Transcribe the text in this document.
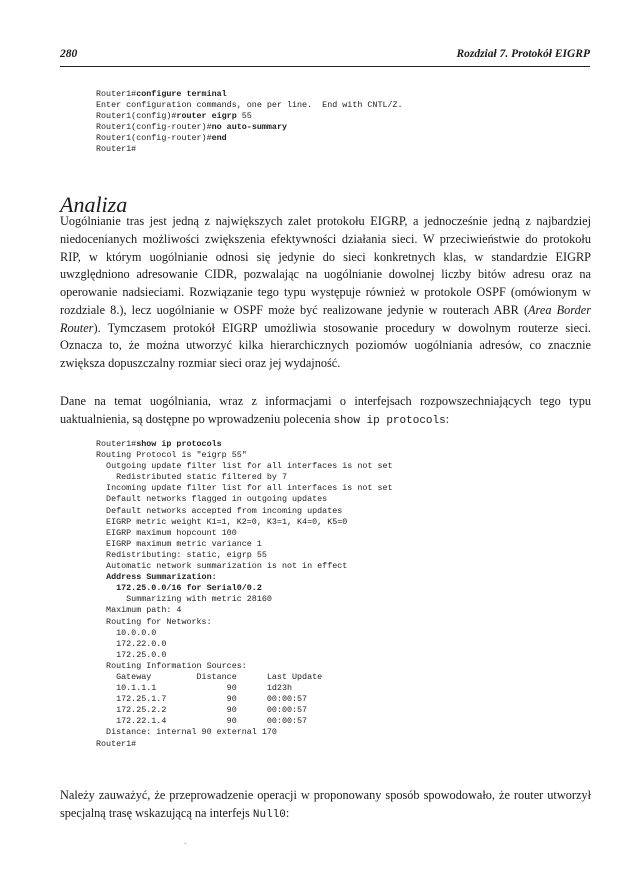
280	Rozdział 7. Protokół EIGRP
Router1#configure terminal
Enter configuration commands, one per line.  End with CNTL/Z.
Router1(config)#router eigrp 55
Router1(config-router)#no auto-summary
Router1(config-router)#end
Router1#
Analiza

Uogólnianie tras jest jedną z największych zalet protokołu EIGRP, a jednocześnie jedną z najbardziej niedocenianych możliwości zwiększenia efektywności działania sieci. W przeciwieństwie do protokołu RIP, w którym uogólnianie odnosi się jedynie do sieci konkretnych klas, w standardzie EIGRP uwzględniono adresowanie CIDR, pozwalając na uogólnianie dowolnej liczby bitów adresu oraz na operowanie nadsieciami. Rozwiązanie tego typu występuje również w protokole OSPF (omówionym w rozdziale 8.), lecz uogólnianie w OSPF może być realizowane jedynie w routerach ABR (Area Border Router). Tymczasem protokół EIGRP umożliwia stosowanie procedury w dowolnym routerze sieci. Oznacza to, że można utworzyć kilka hierarchicznych poziomów uogólniania adresów, co znacznie zwiększa dopuszczalny rozmiar sieci oraz jej wydajność.

Dane na temat uogólniania, wraz z informacjami o interfejsach rozpowszechniających tego typu uaktualnienia, są dostępne po wprowadzeniu polecenia show ip protocols:

Router1#show ip protocols
Routing Protocol is "eigrp 55"
Outgoing update filter list for all interfaces is not set
Redistributed static filtered by 7
Incoming update filter list for all interfaces is not set
Default networks flagged in outgoing updates
Default networks accepted from incoming updates
EIGRP metric weight K1=1, K2=0, K3=1, K4=0, K5=0
EIGRP maximum hopcount 100
EIGRP maximum metric variance 1
Redistributing: static, eigrp 55
Automatic network summarization is not in effect
Address Summarization:
172.25.0.0/16 for Serial0/0.2
Summarizing with metric 28160
Maximum path: 4
Routing for Networks:
10.0.0.0
172.22.0.0
172.25.0.0
Routing Information Sources:
Gateway         Distance      Last Update
10.1.1.1              90      1d23h
172.25.1.7            90      00:00:57
172.25.2.2            90      00:00:57
172.22.1.4            90      00:00:57
Distance: internal 90 external 170
Router1#

Należy zauważyć, że przeprowadzenie operacji w proponowany sposób spowodowało, że router utworzył specjalną trasę wskazującą na interfejs Null0:

.
